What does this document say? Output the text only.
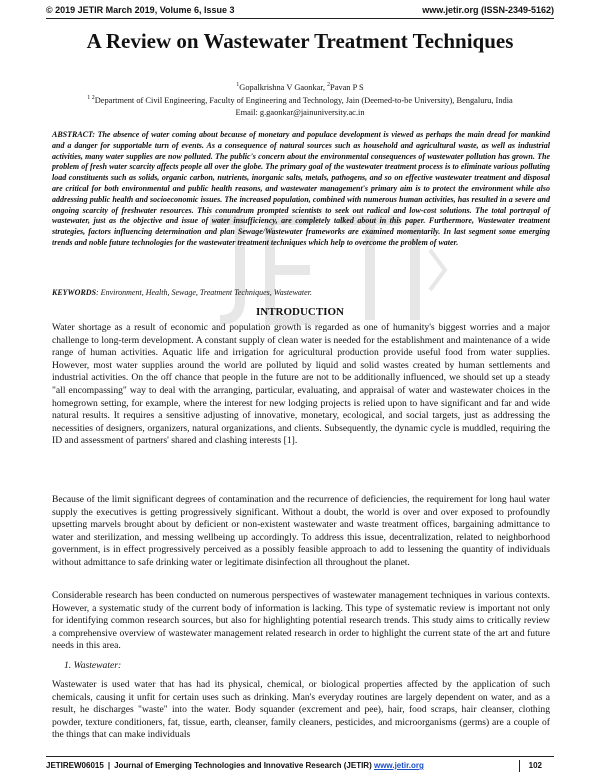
© 2019 JETIR March 2019, Volume 6, Issue 3	www.jetir.org (ISSN-2349-5162)
A Review on Wastewater Treatment Techniques
$^1$Gopalkrishna V Gaonkar, $^2$Pavan P S
$^{1 2}$Department of Civil Engineering, Faculty of Engineering and Technology, Jain (Deemed-to-be University), Bengaluru, India
Email: g.gaonkar@jainuniversity.ac.in
ABSTRACT: The absence of water coming about because of monetary and populace development is viewed as perhaps the main dread for mankind and a danger for supportable turn of events. As a consequence of natural sources such as household and agricultural waste, as well as industrial activities, many water supplies are now polluted. The public's concern about the environmental consequences of wastewater pollution has grown. The problem of fresh water scarcity affects people all over the globe. The primary goal of the wastewater treatment process is to eliminate various polluting load constituents such as solids, organic carbon, nutrients, inorganic salts, metals, pathogens, and so on effective wastewater treatment and disposal are critical for both environmental and public health reasons, and wastewater management's primary aim is to protect the environment while also addressing public health and socioeconomic issues. The increased population, combined with numerous human activities, has resulted in a severe and ongoing scarcity of freshwater resources. This conundrum prompted scientists to seek out radical and low-cost solutions. The total portrayal of wastewater, just as the objective and issue of water insufficiency, are completely talked about in this paper. Furthermore, Wastewater treatment strategies, factors influencing determination and plan Sewage/Wastewater frameworks are examined momentarily. In last segment some emerging trends and noble future technologies for the wastewater treatment techniques which help to overcome the problem of water.
KEYWORDS: Environment, Health, Sewage, Treatment Techniques, Wastewater.
INTRODUCTION
Water shortage as a result of economic and population growth is regarded as one of humanity's biggest worries and a major challenge to long-term development. A constant supply of clean water is needed for the establishment and maintenance of a wide range of human activities. Aquatic life and irrigation for agricultural production provide useful food from water supplies. However, most water supplies around the world are polluted by liquid and solid wastes created by human settlements and industrial activities. On the off chance that people in the future are not to be additionally influenced, we should set up a steady "all encompassing" way to deal with the arranging, particular, evaluating, and appraisal of water and wastewater choices in the homegrown setting, for example, where the interest for new lodging projects is relied upon to have significant and far and wide natural results. It requires a sensitive adjusting of innovative, monetary, ecological, and social targets, just as addressing the necessities of designers, organizers, natural organizations, and clients. Subsequently, the dynamic cycle is muddled, requiring the ID and assessment of partners' shared and clashing interests [1].
Because of the limit significant degrees of contamination and the recurrence of deficiencies, the requirement for long haul water supply the executives is getting progressively significant. Without a doubt, the world is over and over exposed to profoundly upsetting marvels brought about by deficient or non-existent wastewater and waste treatment offices, bargaining admittance to water and sterilization, and messing wellbeing up accordingly. To address this issue, decentralization, related to neighborhood government, is in effect progressively perceived as a possibly feasible approach to add to lessening the quantity of individuals without admittance to safe drinking water or legitimate disinfection all throughout the planet.
Considerable research has been conducted on numerous perspectives of wastewater management techniques in various contexts. However, a systematic study of the current body of information is lacking. This type of systematic review is important not only for identifying common research sources, but also for highlighting potential research trends. This study aims to critically review a comprehensive overview of wastewater management related research in order to highlight the current state of the art and future needs in this area.
1. Wastewater:
Wastewater is used water that has had its physical, chemical, or biological properties affected by the application of such chemicals, causing it unfit for certain uses such as drinking. Man's everyday routines are largely dependent on water, and as a result, he discharges "waste" into the water. Body squander (excrement and pee), hair, food scraps, hair cleanser, clothing powder, texture conditioners, fat, tissue, earth, cleanser, family cleaners, pesticides, and microorganisms (germs) are a couple of the things that can make individuals
JETIREW06015 | Journal of Emerging Technologies and Innovative Research (JETIR) www.jetir.org	102
